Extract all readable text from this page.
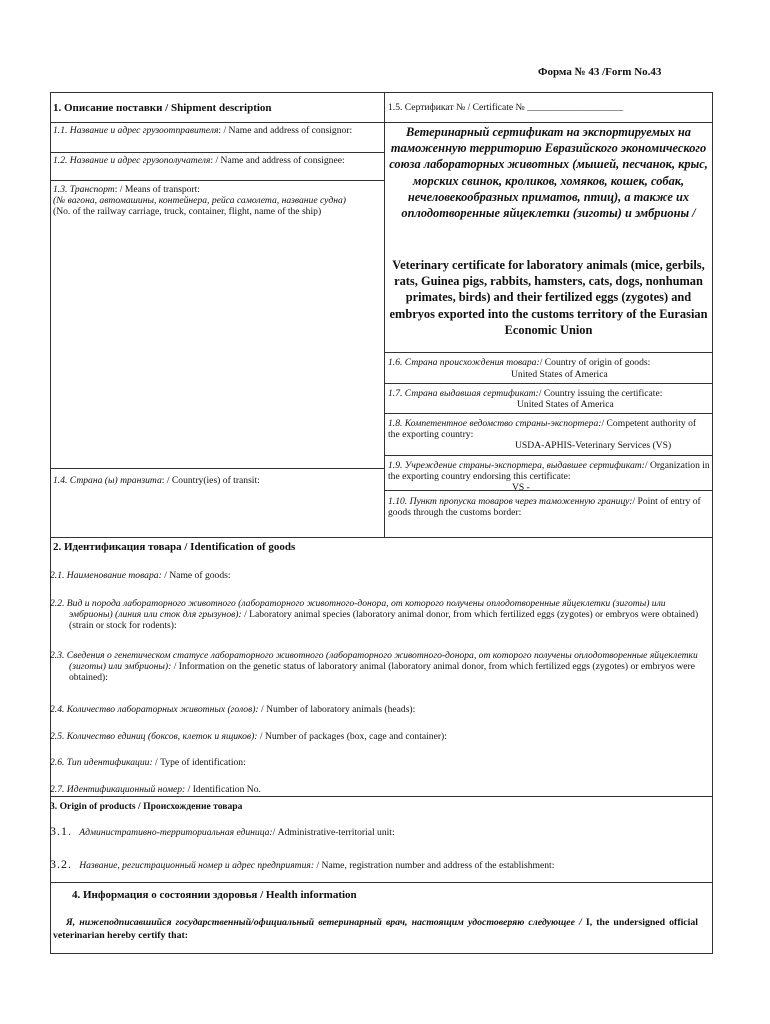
Форма № 43 /Form No.43
1. Описание поставки / Shipment description
1.1. Название и адрес грузоотправителя: / Name and address of consignor:
1.2. Название и адрес грузополучателя: / Name and address of consignee:
1.3. Транспорт: / Means of transport:
(№ вагона, автомашины, контейнера, рейса самолета, название судна)
(No. of the railway carriage, truck, container, flight, name of the ship)
1.4. Страна (ы) транзита: / Country(ies) of transit:
1.5. Сертификат № / Certificate № ____________________
Ветеринарный сертификат на экспортируемых на таможенную территорию Евразийского экономического союза лабораторных животных (мышей, песчанок, крыс, морских свинок, кроликов, хомяков, кошек, собак, нечеловекообразных приматов, птиц), а также их оплодотворенные яйцеклетки (зиготы) и эмбрионы /
Veterinary certificate for laboratory animals (mice, gerbils, rats, Guinea pigs, rabbits, hamsters, cats, dogs, nonhuman primates, birds) and their fertilized eggs (zygotes) and embryos exported into the customs territory of the Eurasian Economic Union
1.6. Страна происхождения товара:/ Country of origin of goods:
United States of America
1.7. Страна выдавшая сертификат:/ Country issuing the certificate:
United States of America
1.8. Компетентное ведомство страны-экспортера:/ Competent authority of the exporting country:
USDA-APHIS-Veterinary Services (VS)
1.9. Учреждение страны-экспортера, выдавшее сертификат:/ Organization in the exporting country endorsing this certificate:
VS -
1.10. Пункт пропуска товаров через таможенную границу:/ Point of entry of goods through the customs border:
2. Идентификация товара / Identification of goods
2.1. Наименование товара: / Name of goods:
2.2. Вид и порода лабораторного животного (лабораторного животного-донора, от которого получены оплодотворенные яйцеклетки (зиготы) или эмбрионы) (линия или сток для грызунов): / Laboratory animal species (laboratory animal donor, from which fertilized eggs (zygotes) or embryos were obtained) (strain or stock for rodents):
2.3. Сведения о генетическом статусе лабораторного животного (лабораторного животного-донора, от которого получены оплодотворенные яйцеклетки (зиготы) или эмбрионы): / Information on the genetic status of laboratory animal (laboratory animal donor, from which fertilized eggs (zygotes) or embryos were obtained):
2.4. Количество лабораторных животных (голов): / Number of laboratory animals (heads):
2.5. Количество единиц (боксов, клеток и ящиков): / Number of packages (box, cage and container):
2.6. Тип идентификации: / Type of identification:
2.7. Идентификационный номер: / Identification No.
3. Origin of products / Происхождение товара
3.1. Административно-территориальная единица:/ Administrative-territorial unit:
3.2. Название, регистрационный номер и адрес предприятия: / Name, registration number and address of the establishment:
4. Информация о состоянии здоровья / Health information
Я, нижеподписавшийся государственный/официальный ветеринарный врач, настоящим удостоверяю следующее / I, the undersigned official veterinarian hereby certify that:
